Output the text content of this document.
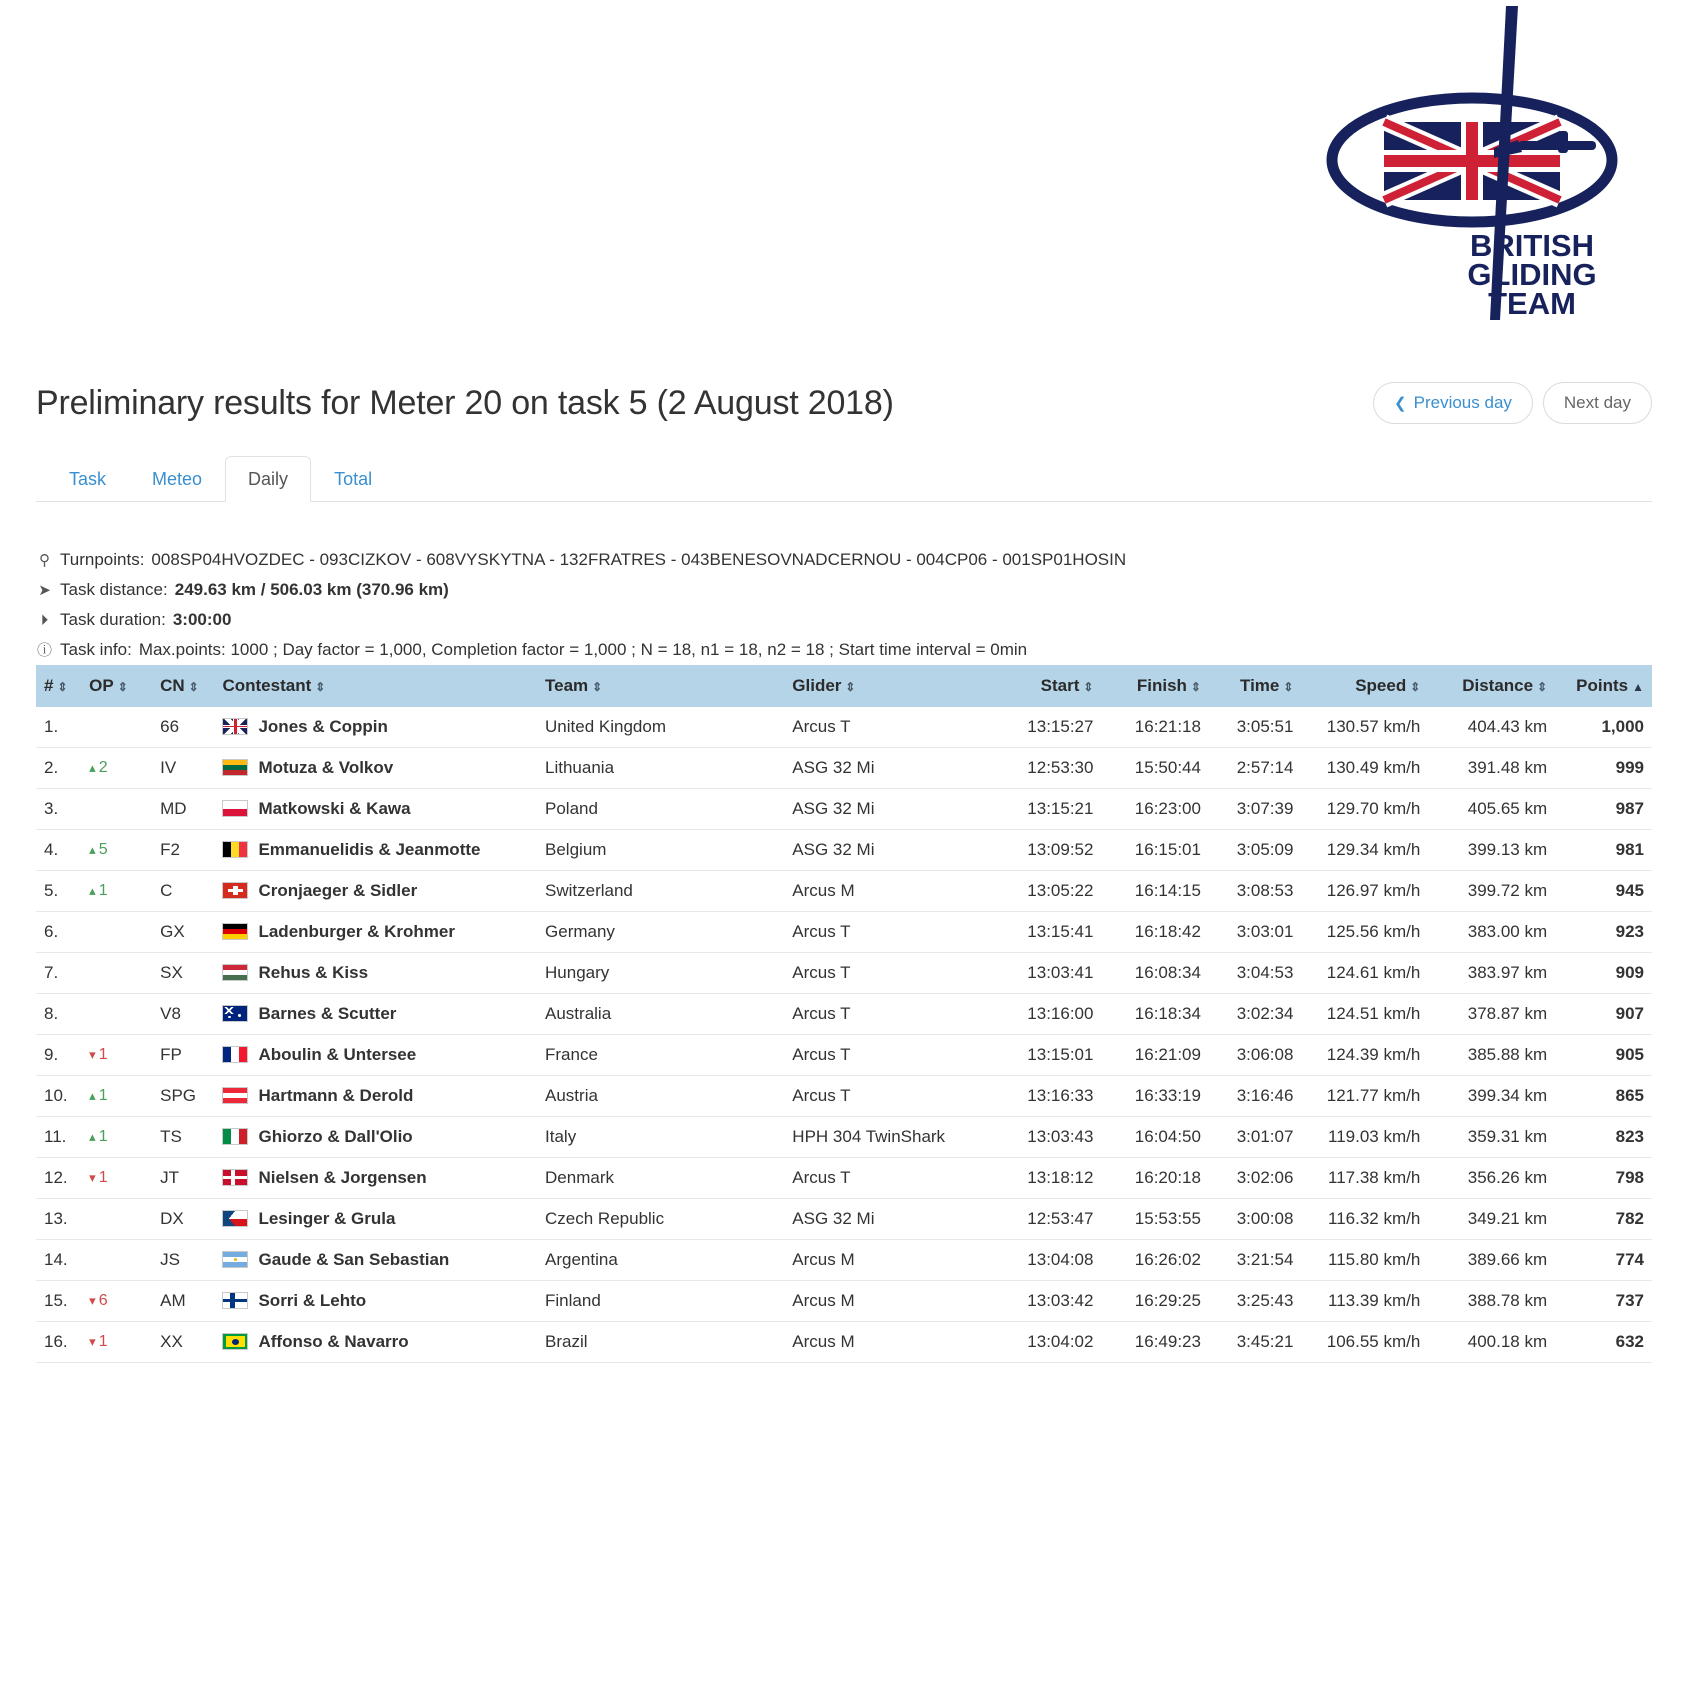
BRITISH
GLIDING
TEAM
Preliminary results for Meter 20 on task 5 (2 August 2018)	❮ Previous day	Next day
Task	Meteo	Daily	Total
⚲ Turnpoints: 008SP04HVOZDEC - 093CIZKOV - 608VYSKYTNA - 132FRATRES - 043BENESOVNADCERNOU - 004CP06 - 001SP01HOSIN
➤ Task distance: 249.63 km / 506.03 km (370.96 km)
⏵ Task duration: 3:00:00
ⓘ Task info: Max.points: 1000 ; Day factor = 1,000, Completion factor = 1,000 ; N = 18, n1 = 18, n2 = 18 ; Start time interval = 0min
# ⇕	OP ⇕	CN ⇕	Contestant ⇕	Team ⇕	Glider ⇕	Start ⇕	Finish ⇕	Time ⇕	Speed ⇕	Distance ⇕	Points ▲
1.		66	Jones & Coppin	United Kingdom	Arcus T	13:15:27	16:21:18	3:05:51	130.57 km/h	404.43 km	1,000
2.	▴ 2	IV	Motuza & Volkov	Lithuania	ASG 32 Mi	12:53:30	15:50:44	2:57:14	130.49 km/h	391.48 km	999
3.		MD	Matkowski & Kawa	Poland	ASG 32 Mi	13:15:21	16:23:00	3:07:39	129.70 km/h	405.65 km	987
4.	▴ 5	F2	Emmanuelidis & Jeanmotte	Belgium	ASG 32 Mi	13:09:52	16:15:01	3:05:09	129.34 km/h	399.13 km	981
5.	▴ 1	C	Cronjaeger & Sidler	Switzerland	Arcus M	13:05:22	16:14:15	3:08:53	126.97 km/h	399.72 km	945
6.		GX	Ladenburger & Krohmer	Germany	Arcus T	13:15:41	16:18:42	3:03:01	125.56 km/h	383.00 km	923
7.		SX	Rehus & Kiss	Hungary	Arcus T	13:03:41	16:08:34	3:04:53	124.61 km/h	383.97 km	909
8.		V8	Barnes & Scutter	Australia	Arcus T	13:16:00	16:18:34	3:02:34	124.51 km/h	378.87 km	907
9.	▾ 1	FP	Aboulin & Untersee	France	Arcus T	13:15:01	16:21:09	3:06:08	124.39 km/h	385.88 km	905
10.	▴ 1	SPG	Hartmann & Derold	Austria	Arcus T	13:16:33	16:33:19	3:16:46	121.77 km/h	399.34 km	865
11.	▴ 1	TS	Ghiorzo & Dall'Olio	Italy	HPH 304 TwinShark	13:03:43	16:04:50	3:01:07	119.03 km/h	359.31 km	823
12.	▾ 1	JT	Nielsen & Jorgensen	Denmark	Arcus T	13:18:12	16:20:18	3:02:06	117.38 km/h	356.26 km	798
13.		DX	Lesinger & Grula	Czech Republic	ASG 32 Mi	12:53:47	15:53:55	3:00:08	116.32 km/h	349.21 km	782
14.		JS	Gaude & San Sebastian	Argentina	Arcus M	13:04:08	16:26:02	3:21:54	115.80 km/h	389.66 km	774
15.	▾ 6	AM	Sorri & Lehto	Finland	Arcus M	13:03:42	16:29:25	3:25:43	113.39 km/h	388.78 km	737
16.	▾ 1	XX	Affonso & Navarro	Brazil	Arcus M	13:04:02	16:49:23	3:45:21	106.55 km/h	400.18 km	632
